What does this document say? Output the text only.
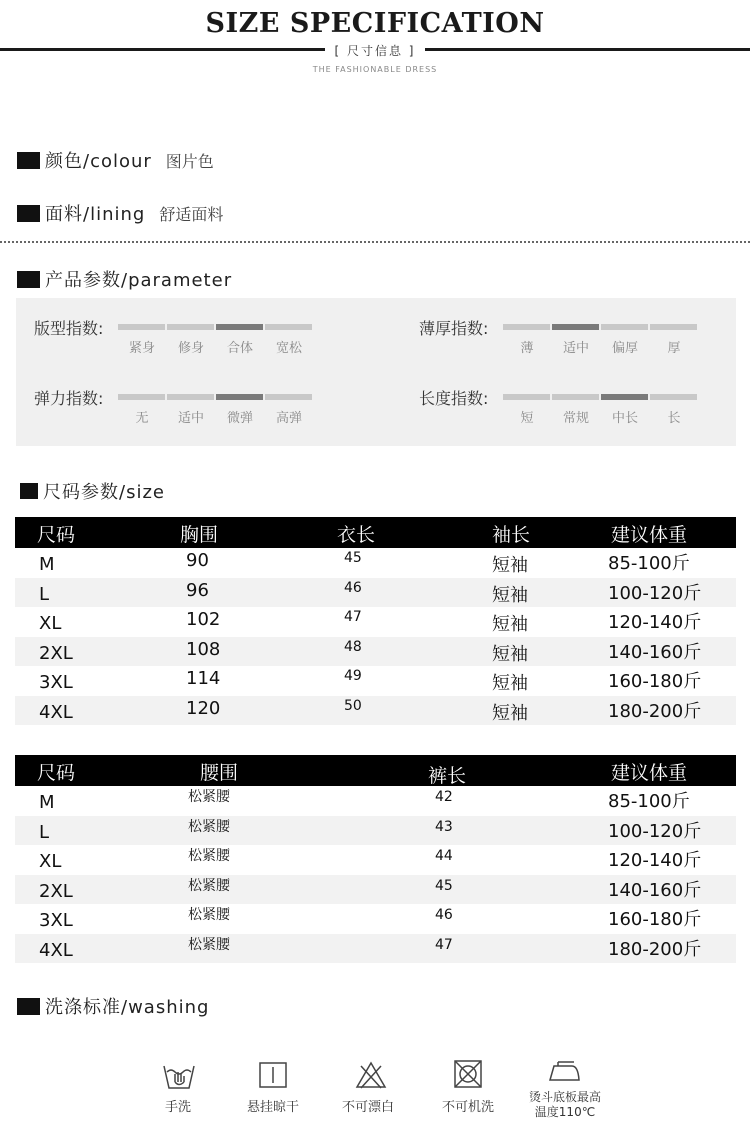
SIZE SPECIFICATION
[ 尺寸信息 ]
THE FASHIONABLE DRESS
颜色/colour 图片色
面料/lining 舒适面料
产品参数/parameter
版型指数:
紧身	修身	合体	宽松
薄厚指数:
薄	适中	偏厚	厚
弹力指数:
无	适中	微弹	高弹
长度指数:
短	常规	中长	长
尺码参数/size
尺码	胸围	衣长	袖长	建议体重
M	90	45	短袖	85-100斤
L	96	46	短袖	100-120斤
XL	102	47	短袖	120-140斤
2XL	108	48	短袖	140-160斤
3XL	114	49	短袖	160-180斤
4XL	120	50	短袖	180-200斤
尺码	腰围	裤长	建议体重
M	松紧腰	42	85-100斤
L	松紧腰	43	100-120斤
XL	松紧腰	44	120-140斤
2XL	松紧腰	45	140-160斤
3XL	松紧腰	46	160-180斤
4XL	松紧腰	47	180-200斤
洗涤标准/washing
手洗	悬挂晾干	不可漂白	不可机洗
烫斗底板最高
温度110℃
